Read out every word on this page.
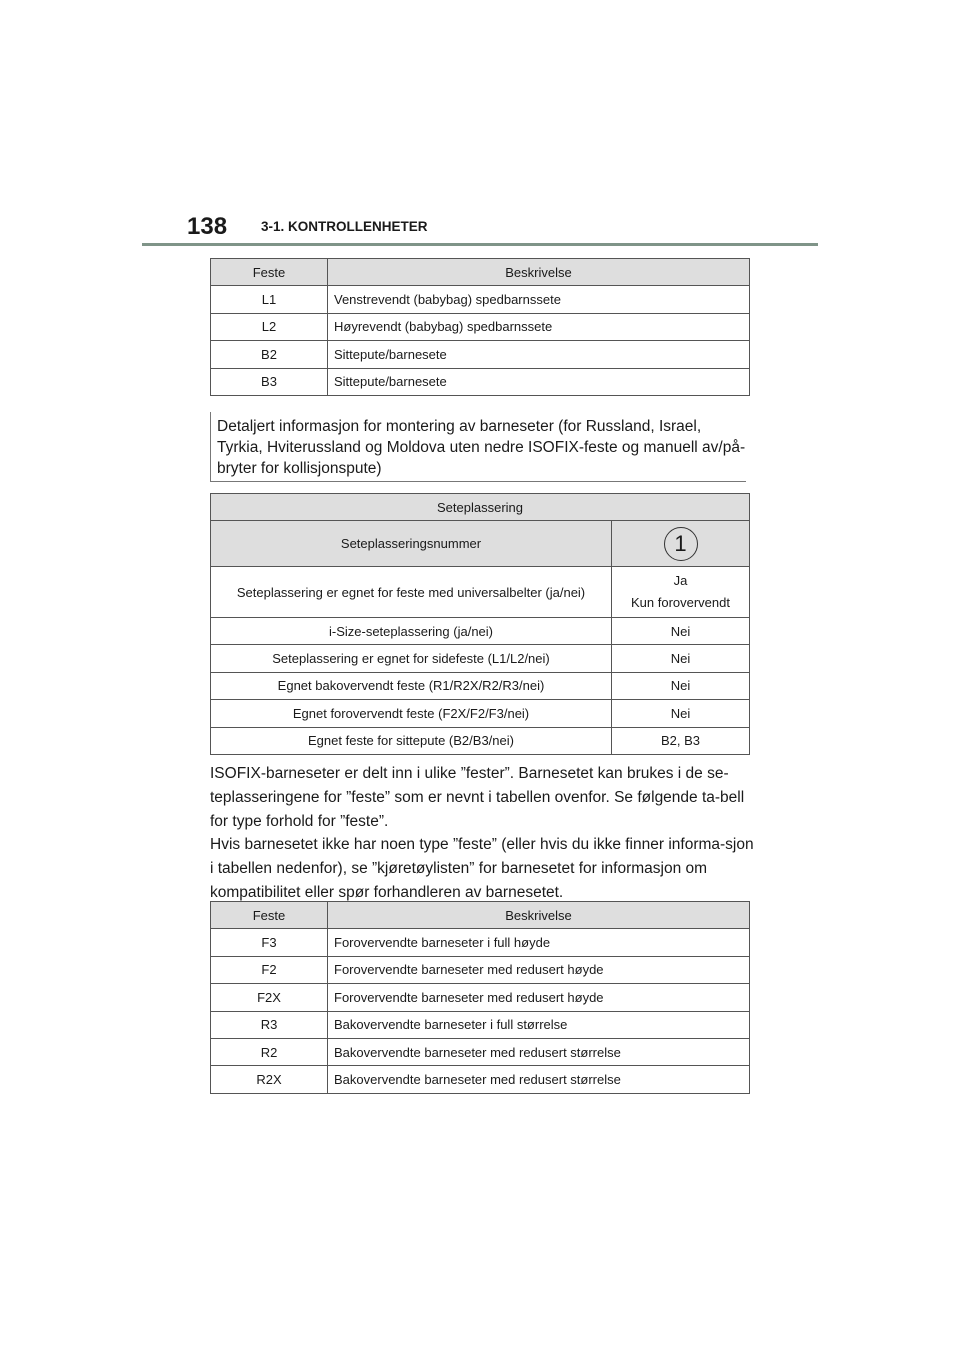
138	3-1. KONTROLLENHETER
Feste	Beskrivelse
L1	Venstrevendt (babybag) spedbarnssete
L2	Høyrevendt (babybag) spedbarnssete
B2	Sittepute/barnesete
B3	Sittepute/barnesete
Detaljert informasjon for montering av barneseter (for Russland, Israel, Tyrkia, Hviterussland og Moldova uten nedre ISOFIX-feste og manuell av/på-bryter for kollisjonspute)
Seteplassering	
Seteplasseringsnummer	1
Seteplassering er egnet for feste med universalbelter (ja/nei)	Ja
Kun forovervendt

i-Size-seteplassering (ja/nei)	Nei
Seteplassering er egnet for sidefeste (L1/L2/nei)	Nei
Egnet bakovervendt feste (R1/R2X/R2/R3/nei)	Nei
Egnet forovervendt feste (F2X/F2/F3/nei)	Nei
Egnet feste for sittepute (B2/B3/nei)	B2, B3

ISOFIX-barneseter er delt inn i ulike ”fester”. Barnesetet kan brukes i de se-teplasseringene for ”feste” som er nevnt i tabellen ovenfor. Se følgende ta-bell for type forhold for ”feste”.

Hvis barnesetet ikke har noen type ”feste” (eller hvis du ikke finner informa-sjon i tabellen nedenfor), se ”kjøretøylisten” for barnesetet for informasjon om kompatibilitet eller spør forhandleren av barnesetet.

Feste	Beskrivelse
F3	Forovervendte barneseter i full høyde
F2	Forovervendte barneseter med redusert høyde
F2X	Forovervendte barneseter med redusert høyde
R3	Bakovervendte barneseter i full størrelse
R2	Bakovervendte barneseter med redusert størrelse
R2X	Bakovervendte barneseter med redusert størrelse
